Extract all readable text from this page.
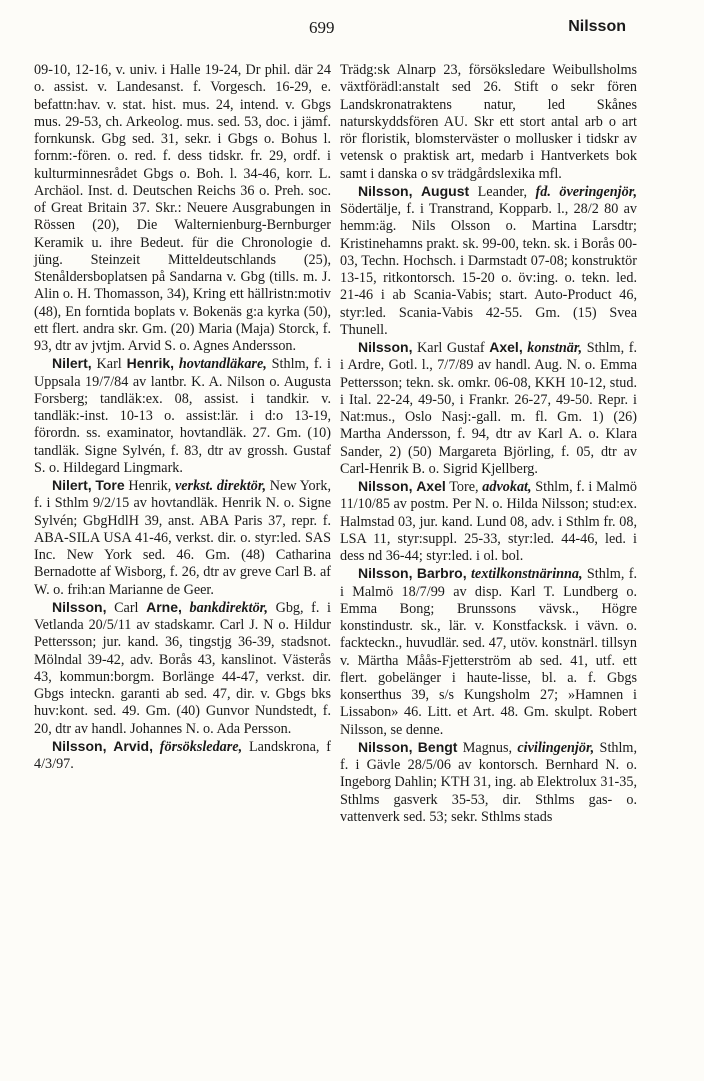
699	Nilsson

09-10, 12-16, v. univ. i Halle 19-24, Dr phil. där 24 o. assist. v. Landesanst. f. Vorgesch. 16-29, e. befattn:hav. v. stat. hist. mus. 24, intend. v. Gbgs mus. 29-53, ch. Arkeolog. mus. sed. 53, doc. i jämf. fornkunsk. Gbg sed. 31, sekr. i Gbgs o. Bohus l. fornm:-fören. o. red. f. dess tidskr. fr. 29, ordf. i kulturminnesrådet Gbgs o. Boh. l. 34-46, korr. L. Archäol. Inst. d. Deutschen Reichs 36 o. Preh. soc. of Great Britain 37. Skr.: Neuere Ausgrabungen in Rössen (20), Die Walternienburg-Bernburger Keramik u. ihre Bedeut. für die Chronologie d. jüng. Steinzeit Mitteldeutschlands (25), Stenåldersboplatsen på Sandarna v. Gbg (tills. m. J. Alin o. H. Thomasson, 34), Kring ett hällristn:motiv (48), En forntida boplats v. Bokenäs g:a kyrka (50), ett flert. andra skr. Gm. (20) Maria (Maja) Storck, f. 93, dtr av jvtjm. Arvid S. o. Agnes Andersson.

Nilert, Karl Henrik, hovtandläkare, Sthlm, f. i Uppsala 19/7/84 av lantbr. K. A. Nilson o. Augusta Forsberg; tandläk:ex. 08, assist. i tandkir. v. tandläk:-inst. 10-13 o. assist:lär. i d:o 13-19, förordn. ss. examinator, hovtandläk. 27. Gm. (10) tandläk. Signe Sylvén, f. 83, dtr av grossh. Gustaf S. o. Hildegard Lingmark.

Nilert, Tore Henrik, verkst. direktör, New York, f. i Sthlm 9/2/15 av hovtandläk. Henrik N. o. Signe Sylvén; GbgHdlH 39, anst. ABA Paris 37, repr. f. ABA-SILA USA 41-46, verkst. dir. o. styr:led. SAS Inc. New York sed. 46. Gm. (48) Catharina Bernadotte af Wisborg, f. 26, dtr av greve Carl B. af W. o. frih:an Marianne de Geer.

Nilsson, Carl Arne, bankdirektör, Gbg, f. i Vetlanda 20/5/11 av stadskamr. Carl J. N o. Hildur Pettersson; jur. kand. 36, tingstjg 36-39, stadsnot. Mölndal 39-42, adv. Borås 43, kanslinot. Västerås 43, kommun:borgm. Borlänge 44-47, verkst. dir. Gbgs inteckn. garanti ab sed. 47, dir. v. Gbgs bks huv:kont. sed. 49. Gm. (40) Gunvor Nundstedt, f. 20, dtr av handl. Johannes N. o. Ada Persson.

Nilsson, Arvid, försöksledare, Landskrona, f 4/3/97.

Trädg:sk Alnarp 23, försöksledare Weibullsholms växtförädl:anstalt sed 26. Stift o sekr fören Landskronatraktens natur, led Skånes naturskyddsfören AU. Skr ett stort antal arb o art rör floristik, blomsterväster o mollusker i tidskr av vetensk o praktisk art, medarb i Hantverkets bok samt i danska o sv trädgårdslexika mfl.

Nilsson, August Leander, fd. överingenjör, Södertälje, f. i Transtrand, Kopparb. l., 28/2 80 av hemm:äg. Nils Olsson o. Martina Larsdtr; Kristinehamns prakt. sk. 99-00, tekn. sk. i Borås 00-03, Techn. Hochsch. i Darmstadt 07-08; konstruktör 13-15, ritkontorsch. 15-20 o. öv:ing. o. tekn. led. 21-46 i ab Scania-Vabis; start. Auto-Product 46, styr:led. Scania-Vabis 42-55. Gm. (15) Svea Thunell.

Nilsson, Karl Gustaf Axel, konstnär, Sthlm, f. i Ardre, Gotl. l., 7/7/89 av handl. Aug. N. o. Emma Pettersson; tekn. sk. omkr. 06-08, KKH 10-12, stud. i Ital. 22-24, 49-50, i Frankr. 26-27, 49-50. Repr. i Nat:mus., Oslo Nasj:-gall. m. fl. Gm. 1) (26) Martha Andersson, f. 94, dtr av Karl A. o. Klara Sander, 2) (50) Margareta Björling, f. 05, dtr av Carl-Henrik B. o. Sigrid Kjellberg.

Nilsson, Axel Tore, advokat, Sthlm, f. i Malmö 11/10/85 av postm. Per N. o. Hilda Nilsson; stud:ex. Halmstad 03, jur. kand. Lund 08, adv. i Sthlm fr. 08, LSA 11, styr:suppl. 25-33, styr:led. 44-46, led. i dess nd 36-44; styr:led. i ol. bol.

Nilsson, Barbro, textilkonstnärinna, Sthlm, f. i Malmö 18/7/99 av disp. Karl T. Lundberg o. Emma Bong; Brunssons vävsk., Högre konstindustr. sk., lär. v. Konstfacksk. i vävn. o. fackteckn., huvudlär. sed. 47, utöv. konstnärl. tillsyn v. Märtha Måås-Fjetterström ab sed. 41, utf. ett flert. gobelänger i haute-lisse, bl. a. f. Gbgs konserthus 39, s/s Kungsholm 27; »Hamnen i Lissabon» 46. Litt. et Art. 48. Gm. skulpt. Robert Nilsson, se denne.

Nilsson, Bengt Magnus, civilingenjör, Sthlm, f. i Gävle 28/5/06 av kontorsch. Bernhard N. o. Ingeborg Dahlin; KTH 31, ing. ab Elektrolux 31-35, Sthlms gasverk 35-53, dir. Sthlms gas- o. vattenverk sed. 53; sekr. Sthlms stads
